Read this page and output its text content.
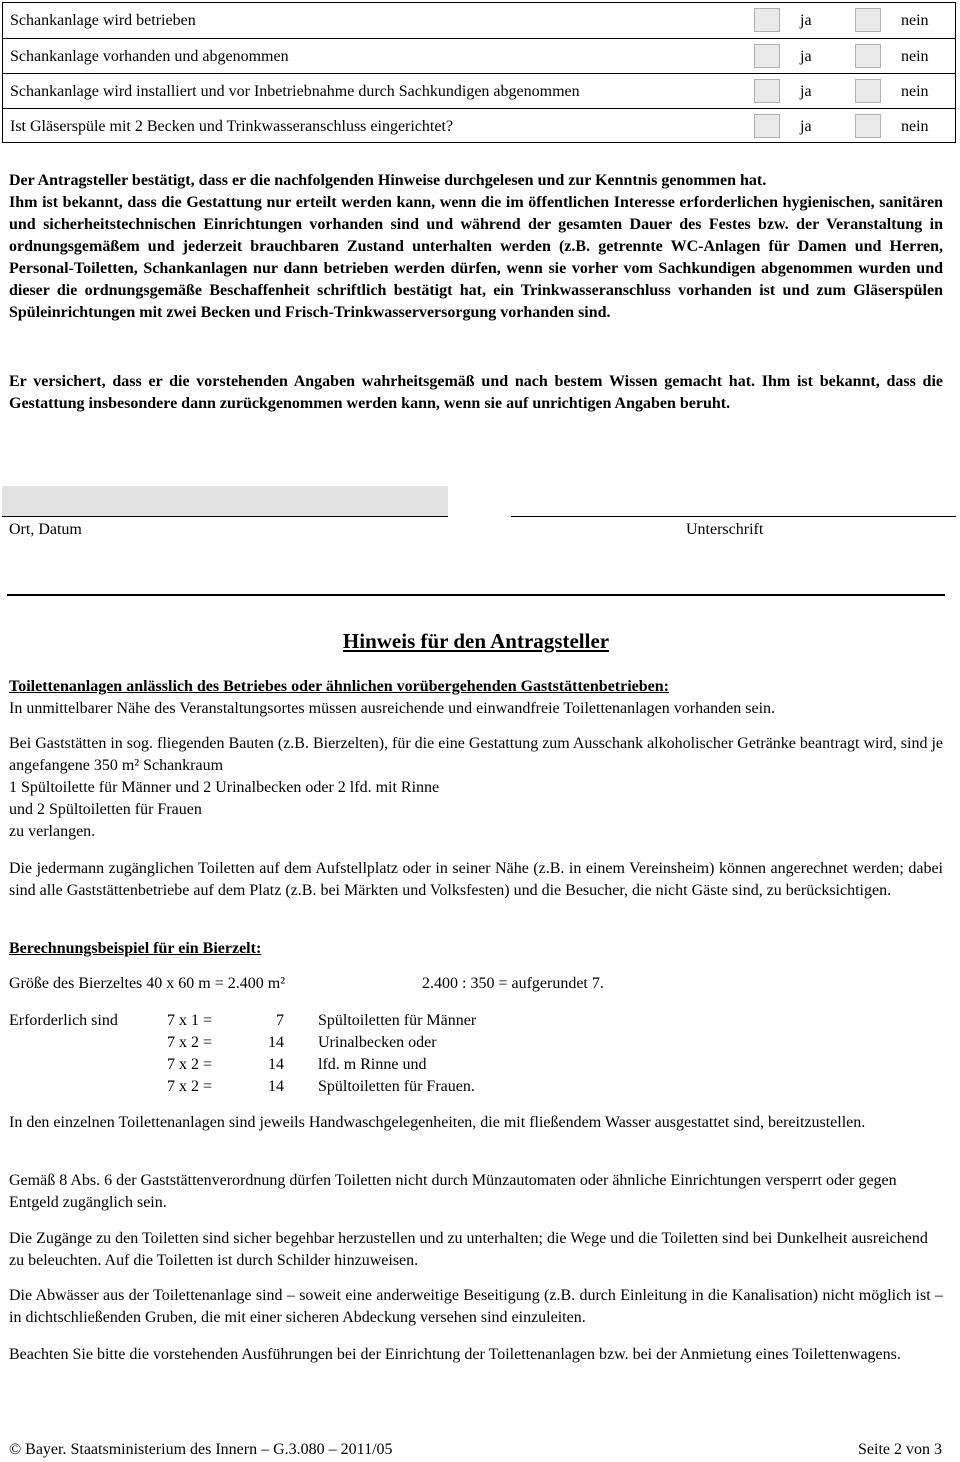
Schankanlage wird betrieben	ja	nein
Schankanlage vorhanden und abgenommen	ja	nein
Schankanlage wird installiert und vor Inbetriebnahme durch Sachkundigen abgenommen	ja	nein
Ist Gläserspüle mit 2 Becken und Trinkwasseranschluss eingerichtet?	ja	nein
Der Antragsteller bestätigt, dass er die nachfolgenden Hinweise durchgelesen und zur Kenntnis genommen hat.
Ihm ist bekannt, dass die Gestattung nur erteilt werden kann, wenn die im öffentlichen Interesse erforderlichen hygienischen, sanitären und sicherheitstechnischen Einrichtungen vorhanden sind und während der gesamten Dauer des Festes bzw. der Veranstaltung in ordnungsgemäßem und jederzeit brauchbaren Zustand unterhalten werden (z.B. getrennte WC-Anlagen für Damen und Herren, Personal-Toiletten, Schankanlagen nur dann betrieben werden dürfen, wenn sie vorher vom Sachkundigen abgenommen wurden und dieser die ordnungsgemäße Beschaffenheit schriftlich bestätigt hat, ein Trinkwasseranschluss vorhanden ist und zum Gläserspülen Spüleinrichtungen mit zwei Becken und Frisch-Trinkwasserversorgung vorhanden sind.
Er versichert, dass er die vorstehenden Angaben wahrheitsgemäß und nach bestem Wissen gemacht hat. Ihm ist bekannt, dass die Gestattung insbesondere dann zurückgenommen werden kann, wenn sie auf unrichtigen Angaben beruht.
Ort, Datum	Unterschrift
Hinweis für den Antragsteller
Toilettenanlagen anlässlich des Betriebes oder ähnlichen vorübergehenden Gaststättenbetrieben:
In unmittelbarer Nähe des Veranstaltungsortes müssen ausreichende und einwandfreie Toilettenanlagen vorhanden sein.
Bei Gaststätten in sog. fliegenden Bauten (z.B. Bierzelten), für die eine Gestattung zum Ausschank alkoholischer Getränke beantragt wird, sind je angefangene 350 m² Schankraum
1 Spültoilette für Männer und 2 Urinalbecken oder 2 lfd. mit Rinne
und 2 Spültoiletten für Frauen
zu verlangen.
Die jedermann zugänglichen Toiletten auf dem Aufstellplatz oder in seiner Nähe (z.B. in einem Vereinsheim) können angerechnet werden; dabei sind alle Gaststättenbetriebe auf dem Platz (z.B. bei Märkten und Volksfesten) und die Besucher, die nicht Gäste sind, zu berücksichtigen.
Berechnungsbeispiel für ein Bierzelt:
Größe des Bierzeltes 40 x 60 m = 2.400 m²	2.400 : 350 = aufgerundet 7.
Erforderlich sind	7 x 1 =	7 Spültoiletten für Männer
7 x 2 =	14 Urinalbecken oder
7 x 2 =	14 lfd. m Rinne und
7 x 2 =	14 Spültoiletten für Frauen.
In den einzelnen Toilettenanlagen sind jeweils Handwaschgelegenheiten, die mit fließendem Wasser ausgestattet sind, bereitzustellen.
Gemäß 8 Abs. 6 der Gaststättenverordnung dürfen Toiletten nicht durch Münzautomaten oder ähnliche Einrichtungen versperrt oder gegen Entgeld zugänglich sein.
Die Zugänge zu den Toiletten sind sicher begehbar herzustellen und zu unterhalten; die Wege und die Toiletten sind bei Dunkelheit ausreichend zu beleuchten. Auf die Toiletten ist durch Schilder hinzuweisen.
Die Abwässer aus der Toilettenanlage sind – soweit eine anderweitige Beseitigung (z.B. durch Einleitung in die Kanalisation) nicht möglich ist – in dichtschließenden Gruben, die mit einer sicheren Abdeckung versehen sind einzuleiten.
Beachten Sie bitte die vorstehenden Ausführungen bei der Einrichtung der Toilettenanlagen bzw. bei der Anmietung eines Toilettenwagens.
© Bayer. Staatsministerium des Innern – G.3.080 – 2011/05	Seite 2 von 3
